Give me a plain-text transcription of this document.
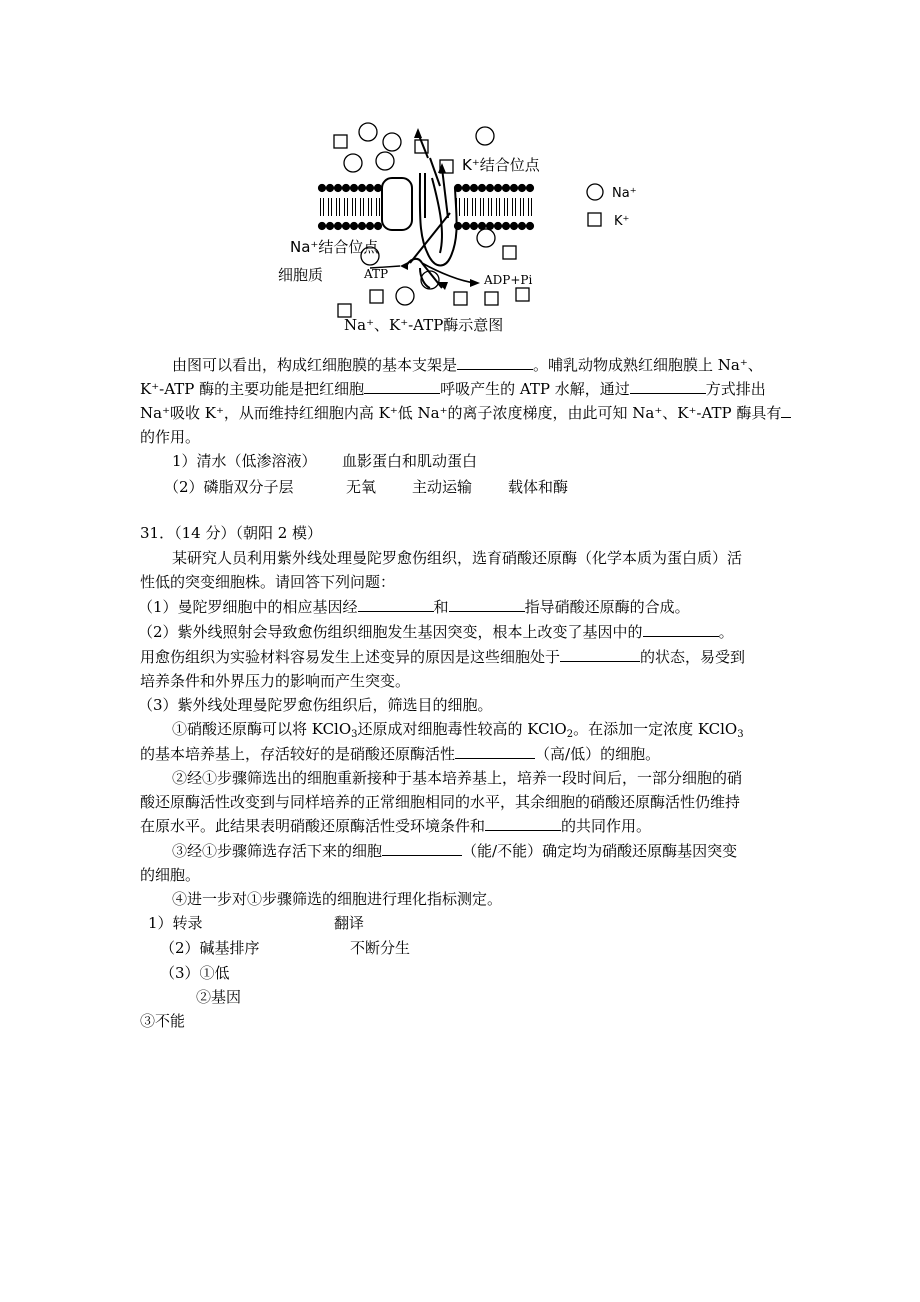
K⁺结合位点
Na⁺结合位点
细胞质	ATP	ADP+Pi
Na⁺、K⁺-ATP酶示意图
Na⁺
K⁺
由图可以看出，构成红细胞膜的基本支架是	。哺乳动物成熟红细胞膜上 Na⁺、
K⁺-ATP 酶的主要功能是把红细胞	呼吸产生的 ATP 水解，通过	方式排出
Na⁺吸收 K⁺，从而维持红细胞内高 K⁺低 Na⁺的离子浓度梯度，由此可知 Na⁺、K⁺-ATP 酶具有
的作用。
1）清水（低渗溶液） 血影蛋白和肌动蛋白
（2）磷脂双分子层	无氧 主动运输 载体和酶
31．（14 分）（朝阳 2 模）
某研究人员利用紫外线处理曼陀罗愈伤组织，选育硝酸还原酶（化学本质为蛋白质）活
性低的突变细胞株。请回答下列问题：
（1）曼陀罗细胞中的相应基因经	和	指导硝酸还原酶的合成。
（2）紫外线照射会导致愈伤组织细胞发生基因突变，根本上改变了基因中的	。
用愈伤组织为实验材料容易发生上述变异的原因是这些细胞处于	的状态，易受到
培养条件和外界压力的影响而产生突变。
（3）紫外线处理曼陀罗愈伤组织后，筛选目的细胞。
①硝酸还原酶可以将 KClO$_3$还原成对细胞毒性较高的 KClO$_2$。在添加一定浓度 KClO$_3$
的基本培养基上，存活较好的是硝酸还原酶活性	（高/低）的细胞。
②经①步骤筛选出的细胞重新接种于基本培养基上，培养一段时间后，一部分细胞的硝
酸还原酶活性改变到与同样培养的正常细胞相同的水平，其余细胞的硝酸还原酶活性仍维持
在原水平。此结果表明硝酸还原酶活性受环境条件和	的共同作用。
③经①步骤筛选存活下来的细胞	（能/不能）确定均为硝酸还原酶基因突变
的细胞。
④进一步对①步骤筛选的细胞进行理化指标测定。
1）转录	翻译
（2）碱基排序	不断分生
（3）①低
②基因
③不能
